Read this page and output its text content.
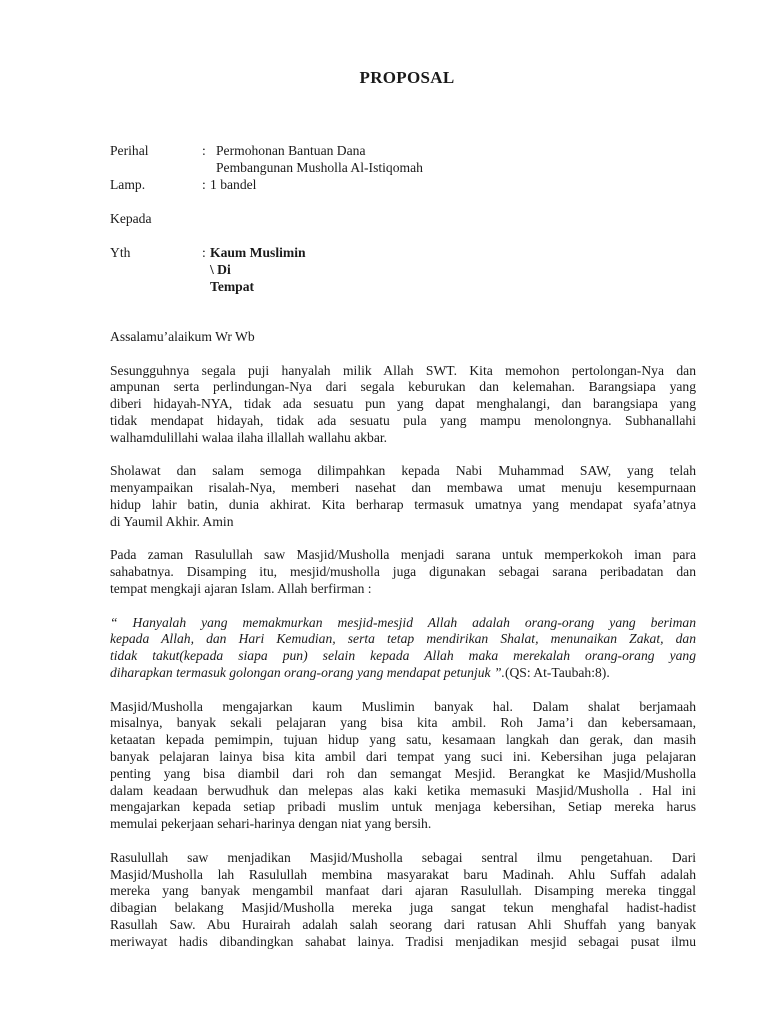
PROPOSAL
Perihal	: Permohonan Bantuan Dana
Pembangunan Musholla Al-Istiqomah
Lamp.	: 1 bandel
Kepada
Yth	: Kaum Muslimin
\ Di
Tempat

Assalamu’alaikum Wr Wb

Sesungguhnya segala puji hanyalah milik Allah SWT. Kita memohon pertolongan-Nya dan
ampunan serta perlindungan-Nya dari segala keburukan dan kelemahan. Barangsiapa yang
diberi hidayah-NYA, tidak ada sesuatu pun yang dapat menghalangi, dan barangsiapa yang
tidak mendapat hidayah, tidak ada sesuatu pula yang mampu menolongnya. Subhanallahi
walhamdulillahi walaa ilaha illallah wallahu akbar.

Sholawat dan salam semoga dilimpahkan kepada Nabi Muhammad SAW, yang telah
menyampaikan risalah-Nya, memberi nasehat dan membawa umat menuju kesempurnaan
hidup lahir batin, dunia akhirat. Kita berharap termasuk umatnya yang mendapat syafa’atnya
di Yaumil Akhir. Amin

Pada zaman Rasulullah saw Masjid/Musholla menjadi sarana untuk memperkokoh iman para
sahabatnya. Disamping itu, mesjid/musholla juga digunakan sebagai sarana peribadatan dan
tempat mengkaji ajaran Islam. Allah berfirman :

“ Hanyalah yang memakmurkan mesjid-mesjid Allah adalah orang-orang yang beriman
kepada Allah, dan Hari Kemudian, serta tetap mendirikan Shalat, menunaikan Zakat, dan
tidak takut(kepada siapa pun) selain kepada Allah maka merekalah orang-orang yang
diharapkan termasuk golongan orang-orang yang mendapat petunjuk ”.(QS: At-Taubah:8).

Masjid/Musholla mengajarkan kaum Muslimin banyak hal. Dalam shalat berjamaah
misalnya, banyak sekali pelajaran yang bisa kita ambil. Roh Jama’i dan kebersamaan,
ketaatan kepada pemimpin, tujuan hidup yang satu, kesamaan langkah dan gerak, dan masih
banyak pelajaran lainya bisa kita ambil dari tempat yang suci ini. Kebersihan juga pelajaran
penting yang bisa diambil dari roh dan semangat Mesjid. Berangkat ke Masjid/Musholla
dalam keadaan berwudhuk dan melepas alas kaki ketika memasuki Masjid/Musholla . Hal ini
mengajarkan kepada setiap pribadi muslim untuk menjaga kebersihan, Setiap mereka harus
memulai pekerjaan sehari-harinya dengan niat yang bersih.

Rasulullah saw menjadikan Masjid/Musholla sebagai sentral ilmu pengetahuan. Dari
Masjid/Musholla lah Rasulullah membina masyarakat baru Madinah. Ahlu Suffah adalah
mereka yang banyak mengambil manfaat dari ajaran Rasulullah. Disamping mereka tinggal
dibagian belakang Masjid/Musholla mereka juga sangat tekun menghafal hadist-hadist
Rasullah Saw. Abu Hurairah adalah salah seorang dari ratusan Ahli Shuffah yang banyak
meriwayat hadis dibandingkan sahabat lainya. Tradisi menjadikan mesjid sebagai pusat ilmu
